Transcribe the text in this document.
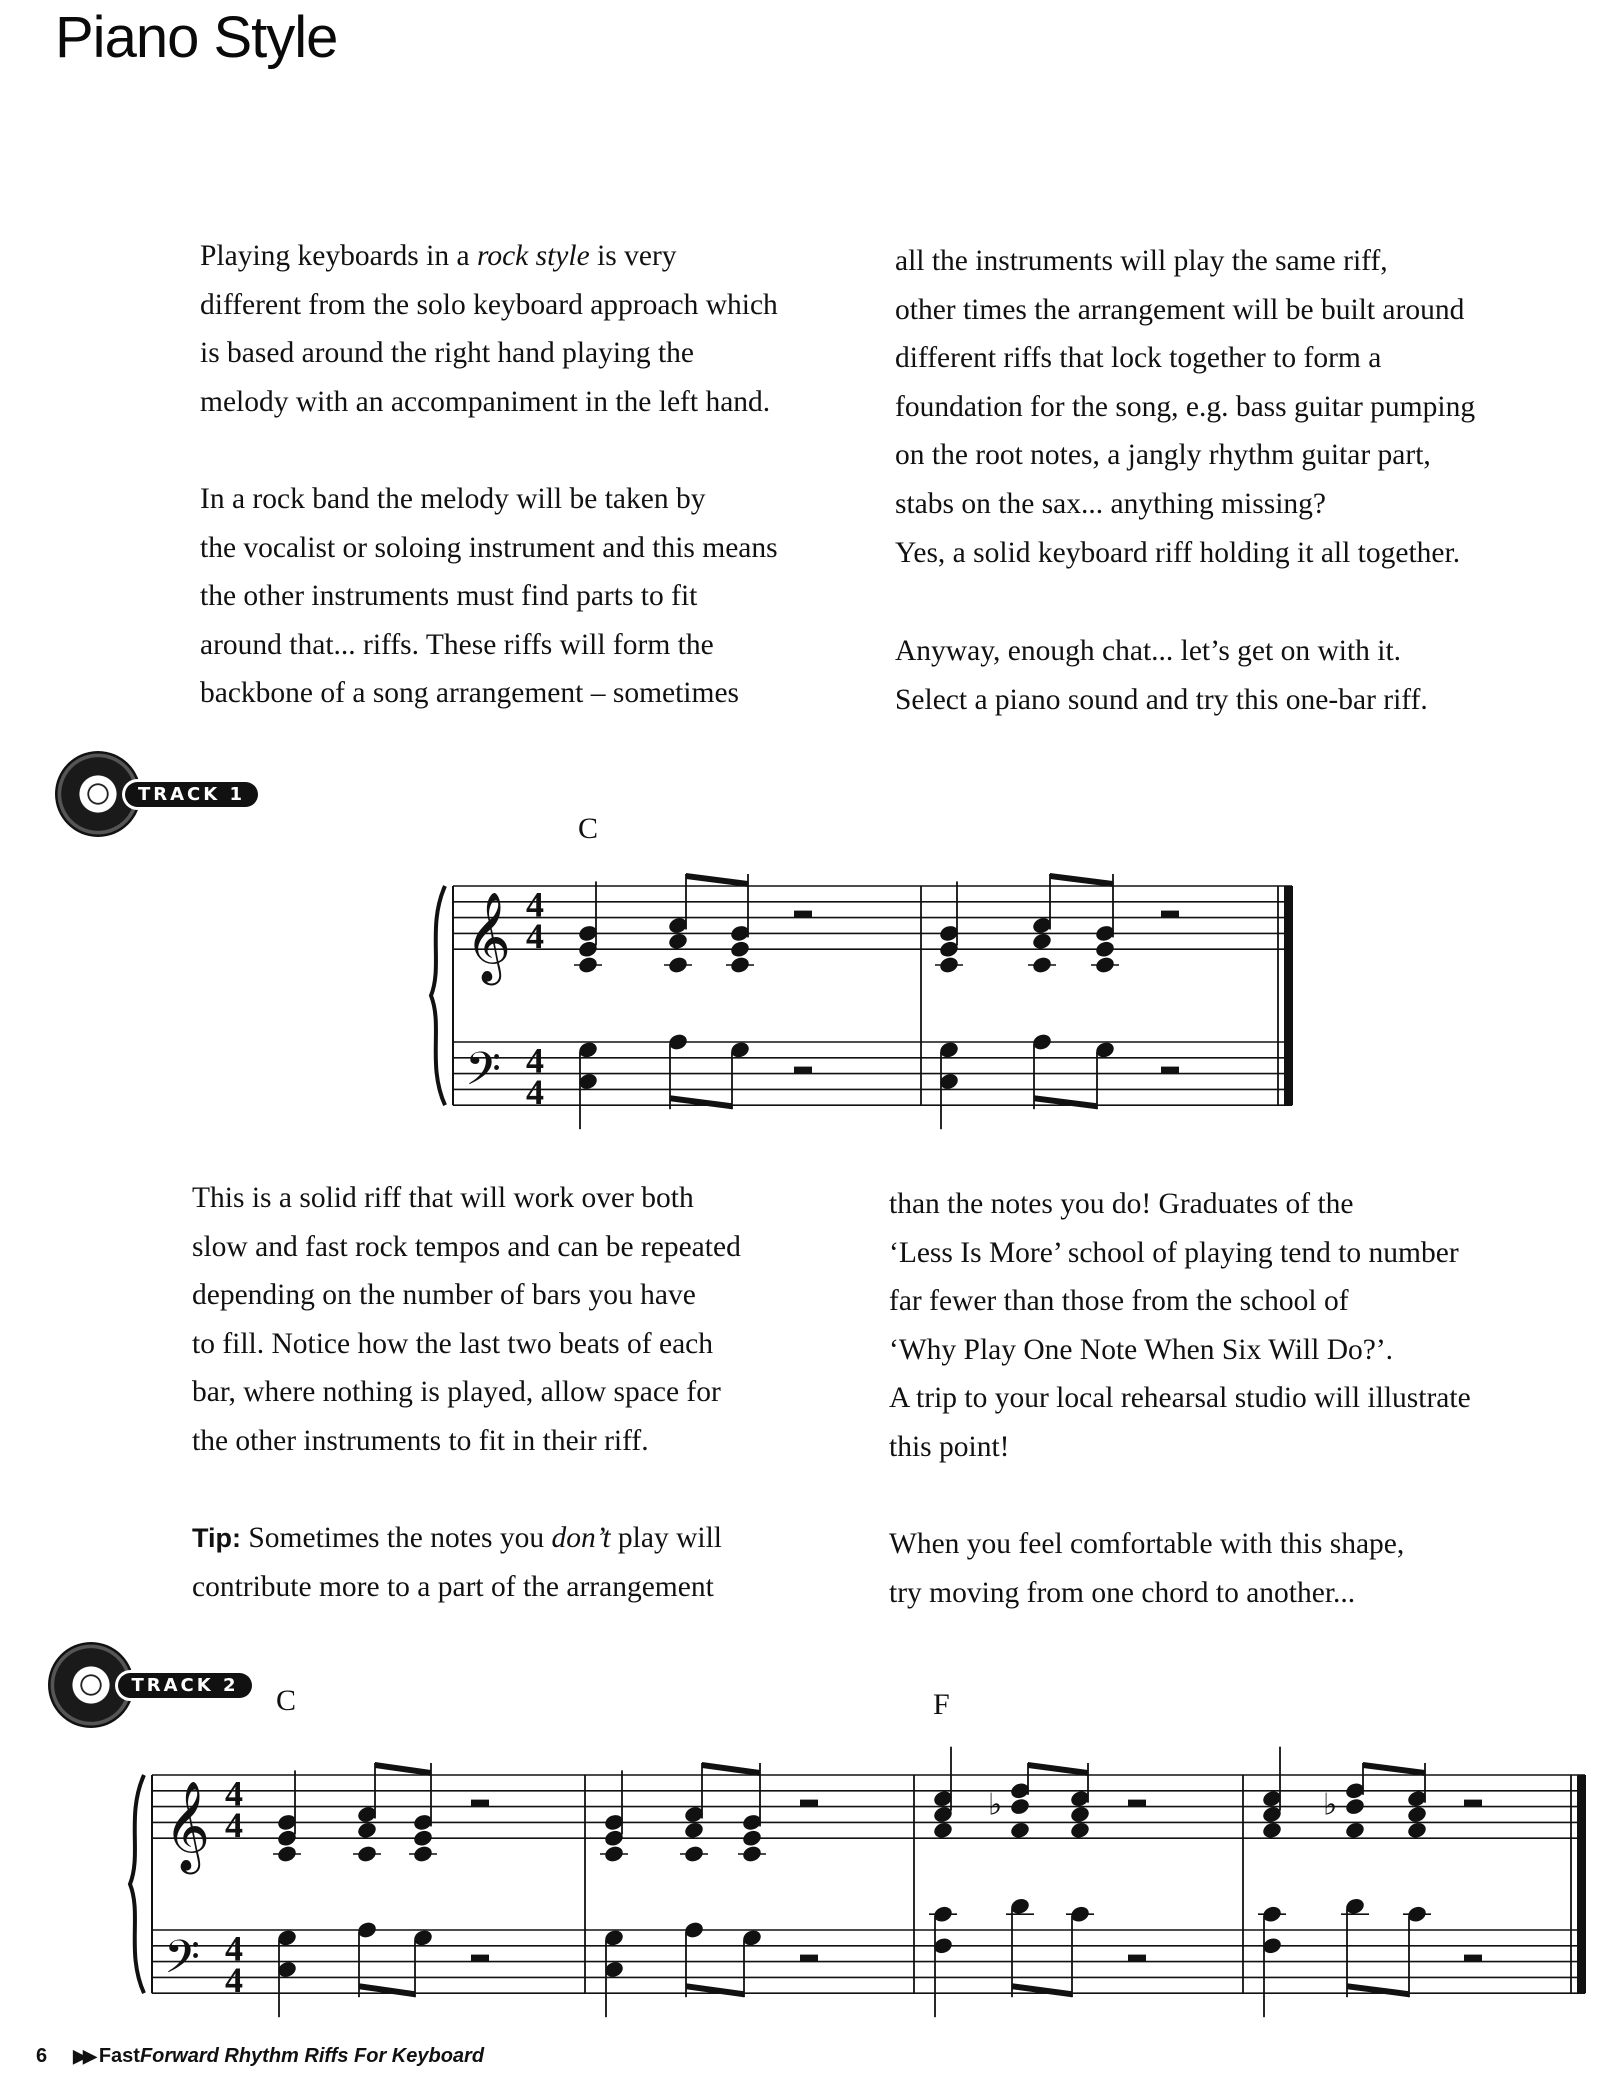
Piano Style
Playing keyboards in a rock style is very
different from the solo keyboard approach which
is based around the right hand playing the
melody with an accompaniment in the left hand.
In a rock band the melody will be taken by
the vocalist or soloing instrument and this means
the other instruments must find parts to fit
around that... riffs. These riffs will form the
backbone of a song arrangement – sometimes
all the instruments will play the same riff,
other times the arrangement will be built around
different riffs that lock together to form a
foundation for the song, e.g. bass guitar pumping
on the root notes, a jangly rhythm guitar part,
stabs on the sax... anything missing?
Yes, a solid keyboard riff holding it all together.
Anyway, enough chat... let’s get on with it.
Select a piano sound and try this one-bar riff.
TRACK 1
C
This is a solid riff that will work over both
slow and fast rock tempos and can be repeated
depending on the number of bars you have
to fill. Notice how the last two beats of each
bar, where nothing is played, allow space for
the other instruments to fit in their riff.
Tip: Sometimes the notes you don’t play will
contribute more to a part of the arrangement
than the notes you do! Graduates of the
‘Less Is More’ school of playing tend to number
far fewer than those from the school of
‘Why Play One Note When Six Will Do?’.
A trip to your local rehearsal studio will illustrate
this point!
When you feel comfortable with this shape,
try moving from one chord to another...
TRACK 2	C	F
𝄞
𝄢
4
4
4
4
𝄞
𝄢
4
4
4
4
♭	♭
6 ▶▶ FastForward Rhythm Riffs For Keyboard
